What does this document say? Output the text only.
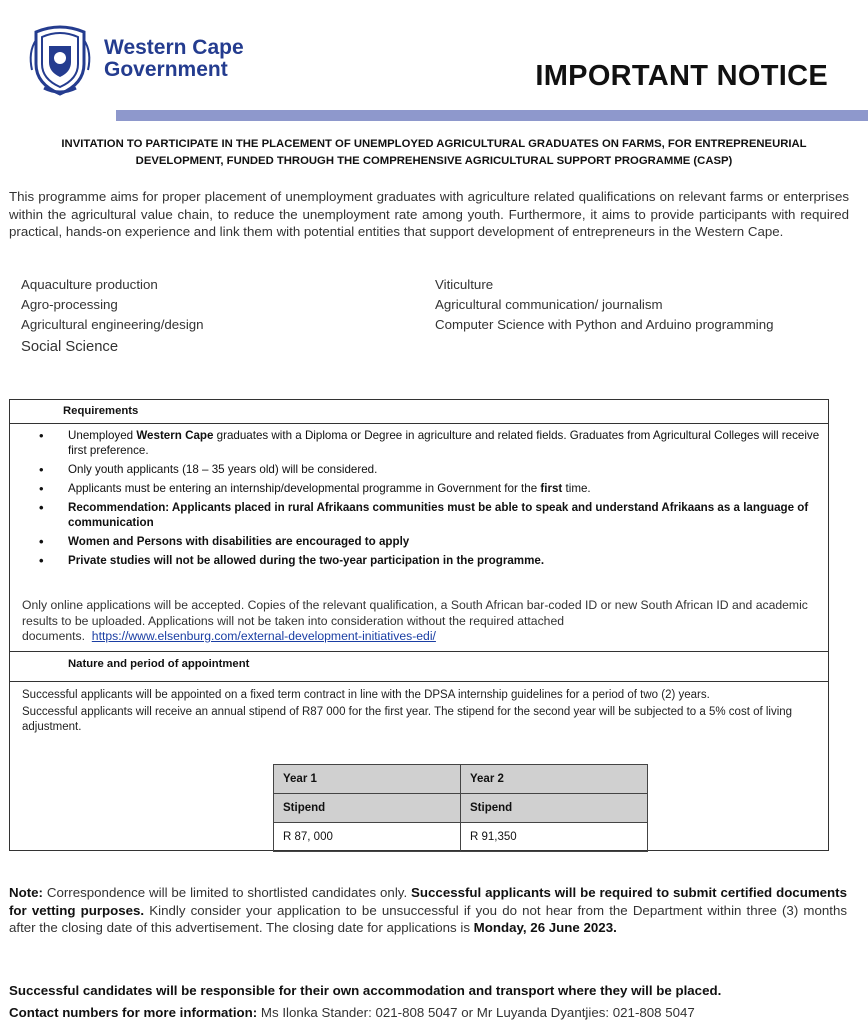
Western Cape
Government	IMPORTANT NOTICE
INVITATION TO PARTICIPATE IN THE PLACEMENT OF UNEMPLOYED AGRICULTURAL GRADUATES ON FARMS, FOR ENTREPRENEURIAL DEVELOPMENT, FUNDED THROUGH THE COMPREHENSIVE AGRICULTURAL SUPPORT PROGRAMME (CASP)
This programme aims for proper placement of unemployment graduates with agriculture related qualifications on relevant farms or enterprises within the agricultural value chain, to reduce the unemployment rate among youth. Furthermore, it aims to provide participants with required practical, hands-on experience and link them with potential entities that support development of entrepreneurs in the Western Cape.
Aquaculture production
Agro-processing
Agricultural engineering/design
Social Science
Viticulture
Agricultural communication/ journalism
Computer Science with Python and Arduino programming
Requirements
• Unemployed Western Cape graduates with a Diploma or Degree in agriculture and related fields. Graduates from Agricultural Colleges will receive first preference.
• Only youth applicants (18 – 35 years old) will be considered.
• Applicants must be entering an internship/developmental programme in Government for the first time.
• Recommendation: Applicants placed in rural Afrikaans communities must be able to speak and understand Afrikaans as a language of communication
• Women and Persons with disabilities are encouraged to apply
• Private studies will not be allowed during the two-year participation in the programme.
Only online applications will be accepted. Copies of the relevant qualification, a South African bar-coded ID or new South African ID and academic results to be uploaded. Applications will not be taken into consideration without the required attached documents. https://www.elsenburg.com/external-development-initiatives-edi/
Nature and period of appointment

Successful applicants will be appointed on a fixed term contract in line with the DPSA internship guidelines for a period of two (2) years.

Successful applicants will receive an annual stipend of R87 000 for the first year. The stipend for the second year will be subjected to a 5% cost of living adjustment.

Year 1	Year 2
Stipend	Stipend
R 87, 000	R 91,350
Note: Correspondence will be limited to shortlisted candidates only. Successful applicants will be required to submit certified documents for vetting purposes. Kindly consider your application to be unsuccessful if you do not hear from the Department within three (3) months after the closing date of this advertisement. The closing date for applications is Monday, 26 June 2023.
Successful candidates will be responsible for their own accommodation and transport where they will be placed.
Contact numbers for more information: Ms Ilonka Stander: 021-808 5047 or Mr Luyanda Dyantjies: 021-808 5047
